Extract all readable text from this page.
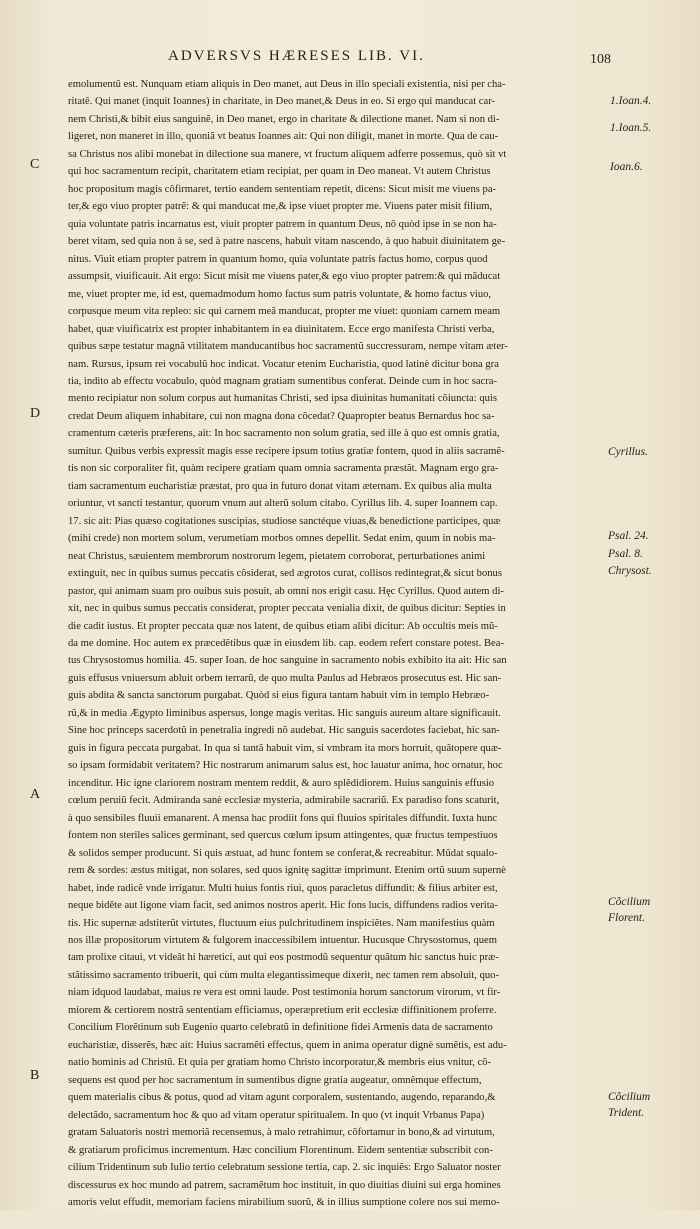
ADVERSVS HÆRESES LIB. VI.	108
emolumentũ est. Nunquam etiam aliquis in Deo manet, aut Deus in illo speciali existentia, nisi per cha-
ritatẽ. Qui manet (inquit Ioannes) in charitate, in Deo manet,& Deus in eo. Si ergo qui manducat car-
nem Christi,& bibit eius sanguinẽ, in Deo manet, ergo in charitate & dilectione manet. Nam si non di-
ligeret, non maneret in illo, quoniã vt beatus Ioannes ait: Qui non diligit, manet in morte. Qua de cau-
sa Christus nos alibi monebat in dilectione sua manere, vt fructum aliquem adferre possemus, quò sit vt
qui hoc sacramentum recipit, charitatem etiam recipiat, per quam in Deo maneat. Vt autem Christus
hoc propositum magis cõfirmaret, tertio eandem sententiam repetit, dicens: Sicut misit me viuens pa-
ter,& ego viuo propter patrẽ: & qui manducat me,& ipse viuet propter me. Viuens pater misit filium,
quia voluntate patris incarnatus est, viuit propter patrem in quantum Deus, nõ quòd ipse in se non ha-
beret vitam, sed quia non à se, sed à patre nascens, habuit vitam nascendo, à quo habuit diuinitatem ge-
nitus. Viuit etiam propter patrem in quantum homo, quia voluntate patris factus homo, corpus quod
assumpsit, viuificauit. Ait ergo: Sicut misit me viuens pater,& ego viuo propter patrem:& qui mãducat
me, viuet propter me, id est, quemadmodum homo factus sum patris voluntate, & homo factus viuo,
corpusque meum vita repleo: sic qui carnem meã manducat, propter me viuet: quoniam carnem meam
habet, quæ viuificatrix est propter inhabitantem in ea diuinitatem. Ecce ergo manifesta Christi verba,
quibus sæpe testatur magnã vtilitatem manducantibus hoc sacramentũ succressuram, nempe vitam æter-
nam. Rursus, ipsum rei vocabulũ hoc indicat. Vocatur etenim Eucharistia, quod latinè dicitur bona gra
tia, indito ab effectu vocabulo, quòd magnam gratiam sumentibus conferat. Deinde cum in hoc sacra-
mento recipiatur non solum corpus aut humanitas Christi, sed ipsa diuinitas humanitati cõiuncta: quis
credat Deum aliquem inhabitare, cui non magna dona cõcedat? Quapropter beatus Bernardus hoc sa-
cramentum cæteris præferens, ait: In hoc sacramento non solum gratia, sed ille à quo est omnis gratia,
sumitur. Quibus verbis expressit magis esse recipere ipsum totius gratiæ fontem, quod in aliis sacramẽ-
tis non sic corporaliter fit, quàm recipere gratiam quam omnia sacramenta præstãt. Magnam ergo gra-
tiam sacramentum eucharistiæ præstat, pro qua in futuro donat vitam æternam. Ex quibus alia multa
oriuntur, vt sancti testantur, quorum vnum aut alterũ solum citabo. Cyrillus lib. 4. super Ioannem cap.
17. sic ait: Pias quæso cogitationes suscipias, studiose sanctéque viuas,& benedictione participes, quæ
(mihi crede) non mortem solum, verumetiam morbos omnes depellit. Sedat enim, quum in nobis ma-
neat Christus, sæuientem membrorum nostrorum legem, pietatem corroborat, perturbationes animi
extinguit, nec in quibus sumus peccatis cõsiderat, sed ægrotos curat, collisos redintegrat,& sicut bonus
pastor, qui animam suam pro ouibus suis posuit, ab omni nos erigit casu. Hęc Cyrillus. Quod autem di-
xit, nec in quibus sumus peccatis considerat, propter peccata venialia dixit, de quibus dicitur: Septies in
die cadit iustus. Et propter peccata quæ nos latent, de quibus etiam alibi dicitur: Ab occultis meis mũ-
da me domine. Hoc autem ex præcedẽtibus quæ in eiusdem lib. cap. eodem refert constare potest. Bea-
tus Chrysostomus homilia. 45. super Ioan. de hoc sanguine in sacramento nobis exhibito ita ait: Hic san
guis effusus vniuersum abluit orbem terrarũ, de quo multa Paulus ad Hebræos prosecutus est. Hic san-
guis abdita & sancta sanctorum purgabat. Quòd si eius figura tantam habuit vim in templo Hebræo-
rũ,& in media Ægypto liminibus aspersus, longe magis veritas. Hic sanguis aureum altare significauit.
Sine hoc princeps sacerdotũ in penetralia ingredi nõ audebat. Hic sanguis sacerdotes faciebat, hic san-
guis in figura peccata purgabat. In qua si tantã habuit vim, si vmbram ita mors horruit, quãtopere quæ-
so ipsam formidabit veritatem? Hic nostrarum animarum salus est, hoc lauatur anima, hoc ornatur, hoc
incenditur. Hic igne clariorem nostram mentem reddit, & auro splẽdidiorem. Huius sanguinis effusio
cœlum peruiũ fecit. Admiranda sanè ecclesiæ mysteria, admirabile sacrariũ. Ex paradiso fons scaturit,
à quo sensibiles fluuii emanarent. A mensa hac prodiit fons qui fluuios spiritales diffundit. Iuxta hunc
fontem non steriles salices germinant, sed quercus cœlum ipsum attingentes, quæ fructus tempestiuos
& solidos semper producunt. Si quis æstuat, ad hunc fontem se conferat,& recreabitur. Mũdat squalo-
rem & sordes: æstus mitigat, non solares, sed quos ignitę sagittæ imprimunt. Etenim ortũ suum supernè
habet, inde radicẽ vnde irrigatur. Multi huius fontis riui, quos paracletus diffundit: & filius arbiter est,
neque bidẽte aut ligone viam facit, sed animos nostros aperit. Hic fons lucis, diffundens radios verita-
tis. Hic supernæ adstiterũt virtutes, fluctuum eius pulchritudinem inspiciẽtes. Nam manifestius quàm
nos illæ propositorum virtutem & fulgorem inaccessibilem intuentur. Hucusque Chrysostomus, quem
tam prolixe citaui, vt videât hi hæretici, aut qui eos postmodũ sequentur quãtum hic sanctus huic præ-
stãtissimo sacramento tribuerit, qui cùm multa elegantissimeque dixerit, nec tamen rem absoluit, quo-
niam idquod laudabat, maius re vera est omni laude. Post testimonia horum sanctorum virorum, vt fir-
miorem & certiorem nostrã sententiam efficiamus, operæpretium erit ecclesiæ diffinitionem proferre.
Concilium Florẽtinum sub Eugenio quarto celebratũ in definitione fidei Armenis data de sacramento
eucharistiæ, disserẽs, hæc ait: Huius sacramẽti effectus, quem in anima operatur dignè sumẽtis, est adu-
natio hominis ad Christũ. Et quia per gratiam homo Christo incorporatur,& membris eius vnitur, cõ-
sequens est quod per hoc sacramentum in sumentibus digne gratia augeatur, omnẽmque effectum,
quem materialis cibus & potus, quod ad vitam agunt corporalem, sustentando, augendo, reparando,&
delectãdo, sacramentum hoc & quo ad vitam operatur spiritualem. In quo (vt inquit Vrbanus Papa)
gratam Saluatoris nostri memoriã recensemus, à malo retrahimur, cõfortamur in bono,& ad virtutum,
& gratiarum proficimus incrementum. Hæc concilium Florentinum. Eidem sententiæ subscribit con-
cilium Tridentinum sub Iulio tertio celebratum sessione tertia, cap. 2. sic inquiẽs: Ergo Saluator noster
discessurus ex hoc mundo ad patrem, sacramẽtum hoc instituit, in quo diuitias diuini sui erga homines
amoris velut effudit, memoriam faciens mirabilium suorũ, & in illius sumptione colere nos sui memo-
C
D
A
B
1.Ioan.4.
1.Ioan.5.
Ioan.6.
Cyrillus.
Psal. 24.
Psal. 8.
Chrysost.
Cõcilium
Florent.
Cõcilium
Trident.
